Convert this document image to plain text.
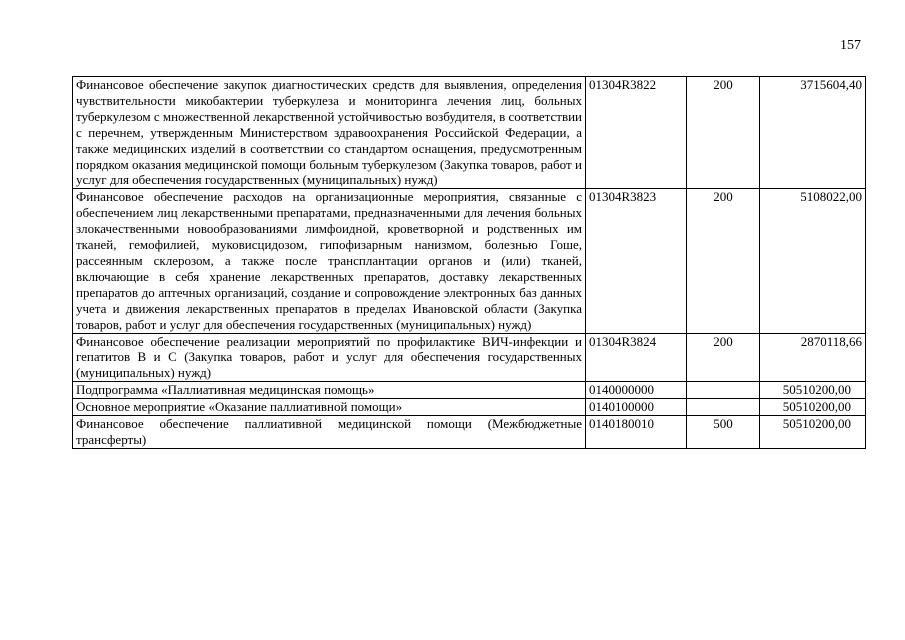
157
Финансовое обеспечение закупок диагностических средств для выявления, определения чувствительности микобактерии туберкулеза и мониторинга лечения лиц, больных туберкулезом с множественной лекарственной устойчивостью возбудителя, в соответствии с перечнем, утвержденным Министерством здравоохранения Российской Федерации, а также медицинских изделий в соответствии со стандартом оснащения, предусмотренным порядком оказания медицинской помощи больным туберкулезом (Закупка товаров, работ и услуг для обеспечения государственных (муниципальных) нужд)	01304R3822	200	3715604,40
Финансовое обеспечение расходов на организационные мероприятия, связанные с обеспечением лиц лекарственными препаратами, предназначенными для лечения больных злокачественными новообразованиями лимфоидной, кроветворной и родственных им тканей, гемофилией, муковисцидозом, гипофизарным нанизмом, болезнью Гоше, рассеянным склерозом, а также после трансплантации органов и (или) тканей, включающие в себя хранение лекарственных препаратов, доставку лекарственных препаратов до аптечных организаций, создание и сопровождение электронных баз данных учета и движения лекарственных препаратов в пределах Ивановской области (Закупка товаров, работ и услуг для обеспечения государственных (муниципальных) нужд)	01304R3823	200	5108022,00
Финансовое обеспечение реализации мероприятий по профилактике ВИЧ-инфекции и гепатитов B и C (Закупка товаров, работ и услуг для обеспечения государственных (муниципальных) нужд)	01304R3824	200	2870118,66
Подпрограмма «Паллиативная медицинская помощь»	0140000000		50510200,00
Основное мероприятие «Оказание паллиативной помощи»	0140100000		50510200,00
Финансовое обеспечение паллиативной медицинской помощи (Межбюджетные трансферты)	0140180010	500	50510200,00
